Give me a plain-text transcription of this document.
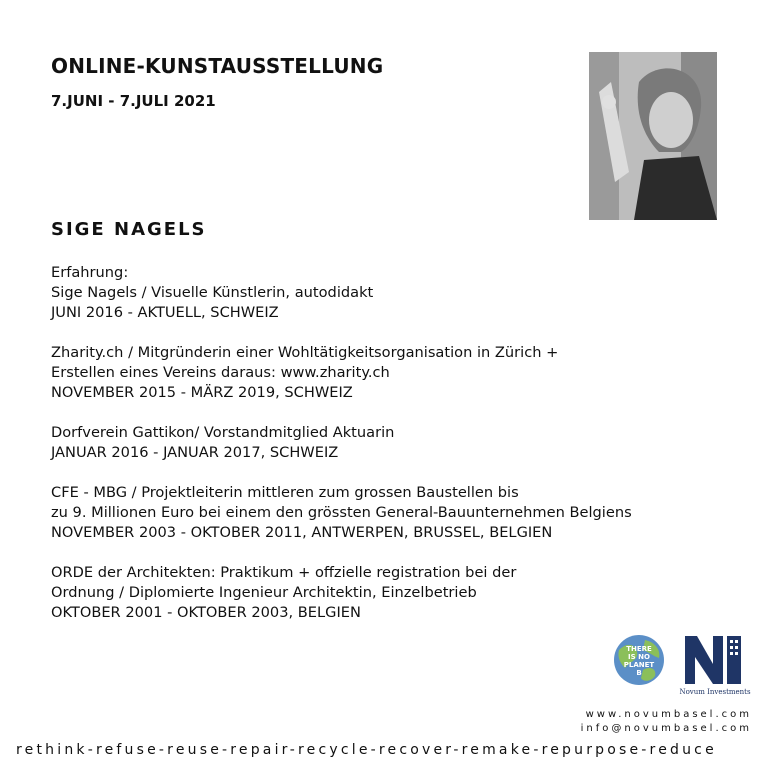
ONLINE-KUNSTAUSSTELLUNG
7.JUNI - 7.JULI 2021
SIGE NAGELS
Erfahrung:
Sige Nagels / Visuelle Künstlerin, autodidakt
JUNI 2016 - AKTUELL, SCHWEIZ
Zharity.ch / Mitgründerin einer Wohltätigkeitsorganisation in Zürich +
Erstellen eines Vereins daraus: www.zharity.ch
NOVEMBER 2015 - MÄRZ 2019, SCHWEIZ
Dorfverein Gattikon/ Vorstandmitglied Aktuarin
JANUAR 2016 - JANUAR 2017, SCHWEIZ
CFE - MBG / Projektleiterin mittleren zum grossen Baustellen bis
zu 9. Millionen Euro bei einem den grössten General-Bauunternehmen Belgiens
NOVEMBER 2003 - OKTOBER 2011, ANTWERPEN, BRUSSEL, BELGIEN
ORDE der Architekten: Praktikum + offzielle registration bei der
Ordnung / Diplomierte Ingenieur Architektin, Einzelbetrieb
OKTOBER 2001 - OKTOBER 2003, BELGIEN
THERE
IS NO
PLANET
B
Novum Investments
www.novumbasel.com
info@novumbasel.com
rethink-refuse-reuse-repair-recycle-recover-remake-repurpose-reduce
